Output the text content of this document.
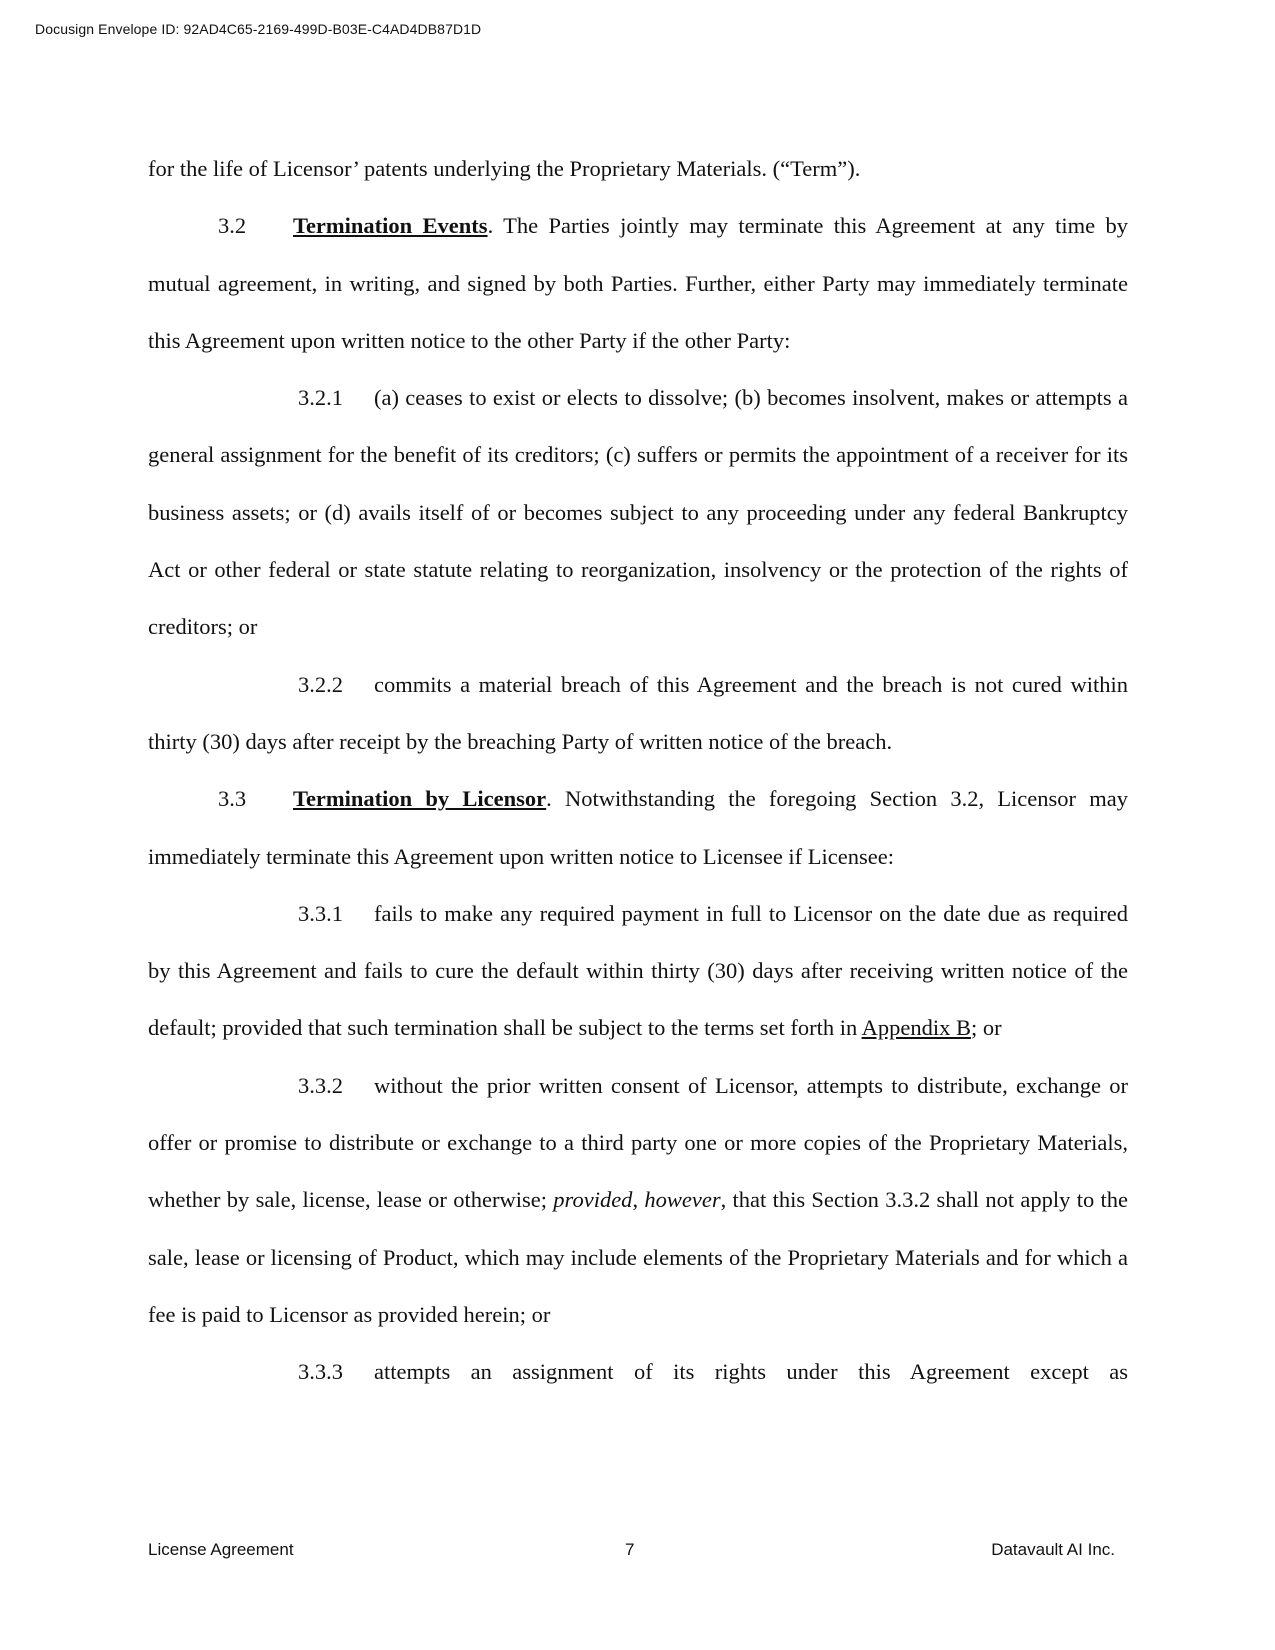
Docusign Envelope ID: 92AD4C65-2169-499D-B03E-C4AD4DB87D1D

for the life of Licensor’ patents underlying the Proprietary Materials. (“Term”).

3.2 Termination Events. The Parties jointly may terminate this Agreement at any time by mutual agreement, in writing, and signed by both Parties. Further, either Party may immediately terminate this Agreement upon written notice to the other Party if the other Party:

3.2.1 (a) ceases to exist or elects to dissolve; (b) becomes insolvent, makes or attempts a general assignment for the benefit of its creditors; (c) suffers or permits the appointment of a receiver for its business assets; or (d) avails itself of or becomes subject to any proceeding under any federal Bankruptcy Act or other federal or state statute relating to reorganization, insolvency or the protection of the rights of creditors; or

3.2.2 commits a material breach of this Agreement and the breach is not cured within thirty (30) days after receipt by the breaching Party of written notice of the breach.

3.3 Termination by Licensor. Notwithstanding the foregoing Section 3.2, Licensor may immediately terminate this Agreement upon written notice to Licensee if Licensee:

3.3.1 fails to make any required payment in full to Licensor on the date due as required by this Agreement and fails to cure the default within thirty (30) days after receiving written notice of the default; provided that such termination shall be subject to the terms set forth in Appendix B; or

3.3.2 without the prior written consent of Licensor, attempts to distribute, exchange or offer or promise to distribute or exchange to a third party one or more copies of the Proprietary Materials, whether by sale, license, lease or otherwise; provided, however, that this Section 3.3.2 shall not apply to the sale, lease or licensing of Product, which may include elements of the Proprietary Materials and for which a fee is paid to Licensor as provided herein; or

3.3.3 attempts an assignment of its rights under this Agreement except as

License Agreement	7	Datavault AI Inc.
